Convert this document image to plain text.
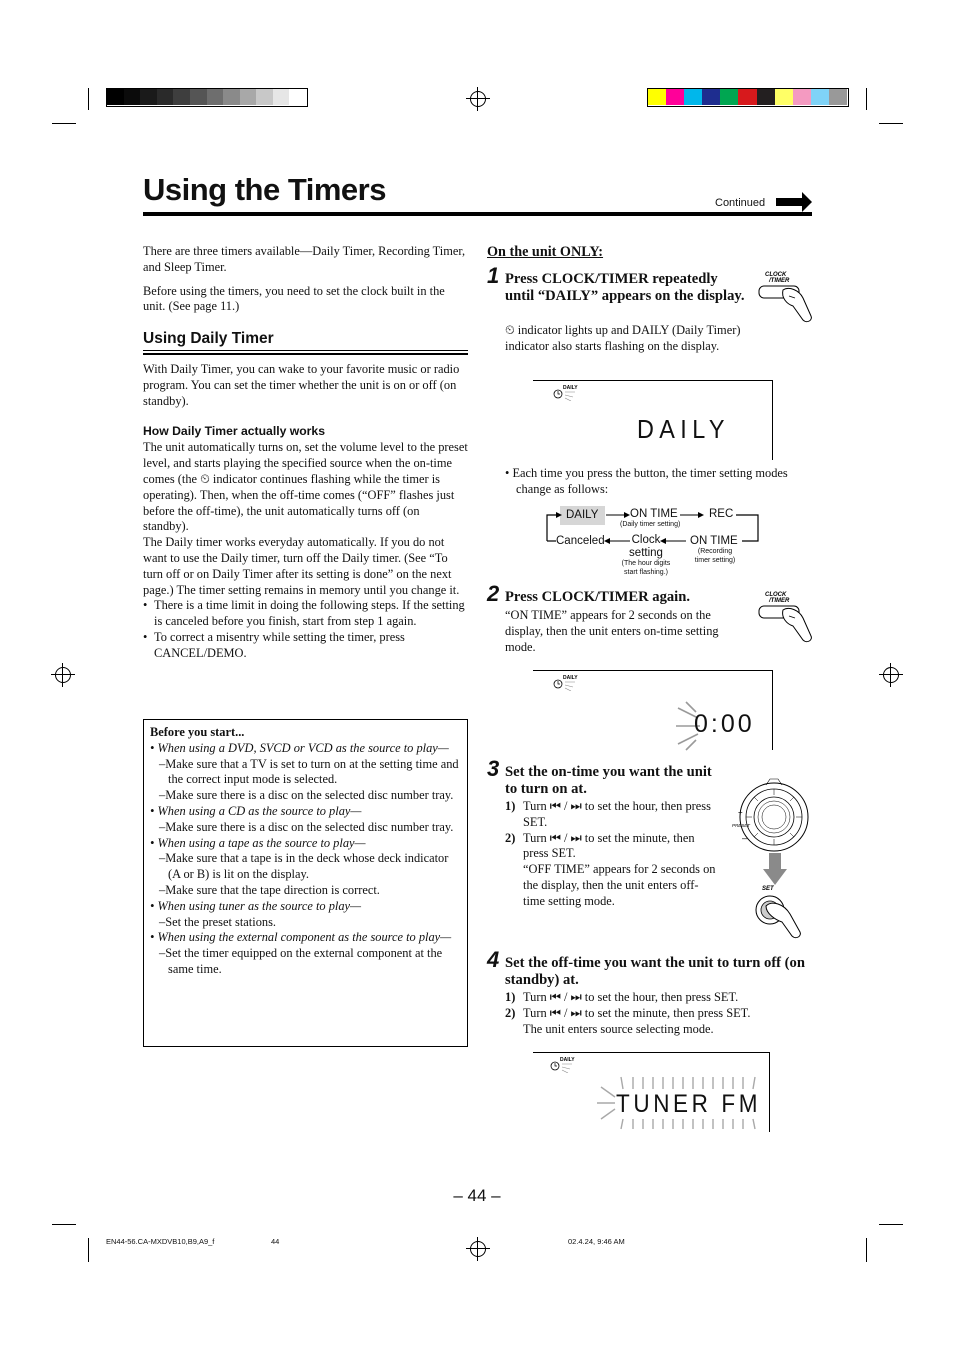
Using the Timers	Continued

There are three timers available—Daily Timer, Recording Timer, and Sleep Timer.

Before using the timers, you need to set the clock built in the unit. (See page 11.)

Using Daily Timer

With Daily Timer, you can wake to your favorite music or radio program. You can set the timer whether the unit is on or off (on standby).

How Daily Timer actually works

The unit automatically turns on, set the volume level to the preset level, and starts playing the specified source when the on-time comes (the ⏲ indicator continues flashing while the timer is operating). Then, when the off-time comes (“OFF” flashes just before the off-time), the unit automatically turns off (on standby).

The Daily timer works everyday automatically. If you do not want to use the Daily timer, turn off the Daily timer. (See “To turn off or on Daily Timer after its setting is done” on the next page.) The timer setting remains in memory until you change it.

• There is a time limit in doing the following steps. If the setting is canceled before you finish, start from step 1 again.
• To correct a misentry while setting the timer, press CANCEL/DEMO.

Before you start...

• When using a DVD, SVCD or VCD as the source to play—

–Make sure that a TV is set to turn on at the setting time and the correct input mode is selected.

–Make sure there is a disc on the selected disc number tray.

• When using a CD as the source to play—

–Make sure there is a disc on the selected disc number tray.

• When using a tape as the source to play—

–Make sure that a tape is in the deck whose deck indicator (A or B) is lit on the display.

–Make sure that the tape direction is correct.

• When using tuner as the source to play—

–Set the preset stations.

• When using the external component as the source to play—

–Set the timer equipped on the external component at the same time.

On the unit ONLY:
1 Press CLOCK/TIMER repeatedly until “DAILY” appears on the display.
⏲ indicator lights up and DAILY (Daily Timer) indicator also starts flashing on the display.
CLOCK
/TIMER
DAILY
DAILY

• Each time you press the button, the timer setting modes change as follows:

DAILY	ON TIME
(Daily timer setting)
REC
Canceled	Clock setting
(The hour digits start flashing.)
ON TIME
(Recording timer setting)
2 Press CLOCK/TIMER again.
“ON TIME” appears for 2 seconds on the display, then the unit enters on-time setting mode.
CLOCK
/TIMER
DAILY
0:00
3 Set the on-time you want the unit to turn on at.
1) Turn ⏮ / ⏭ to set the hour, then press SET.
2) Turn ⏮ / ⏭ to set the minute, then press SET.
“OFF TIME” appears for 2 seconds on the display, then the unit enters off-time setting mode.
+
–
PRESET
SET
4 Set the off-time you want the unit to turn off (on standby) at.
1) Turn ⏮ / ⏭ to set the hour, then press SET.
2) Turn ⏮ / ⏭ to set the minute, then press SET.
The unit enters source selecting mode.
DAILY
TUNER FM
– 44 –
EN44-56.CA-MXDVB10,B9,A9_f	44	02.4.24, 9:46 AM
